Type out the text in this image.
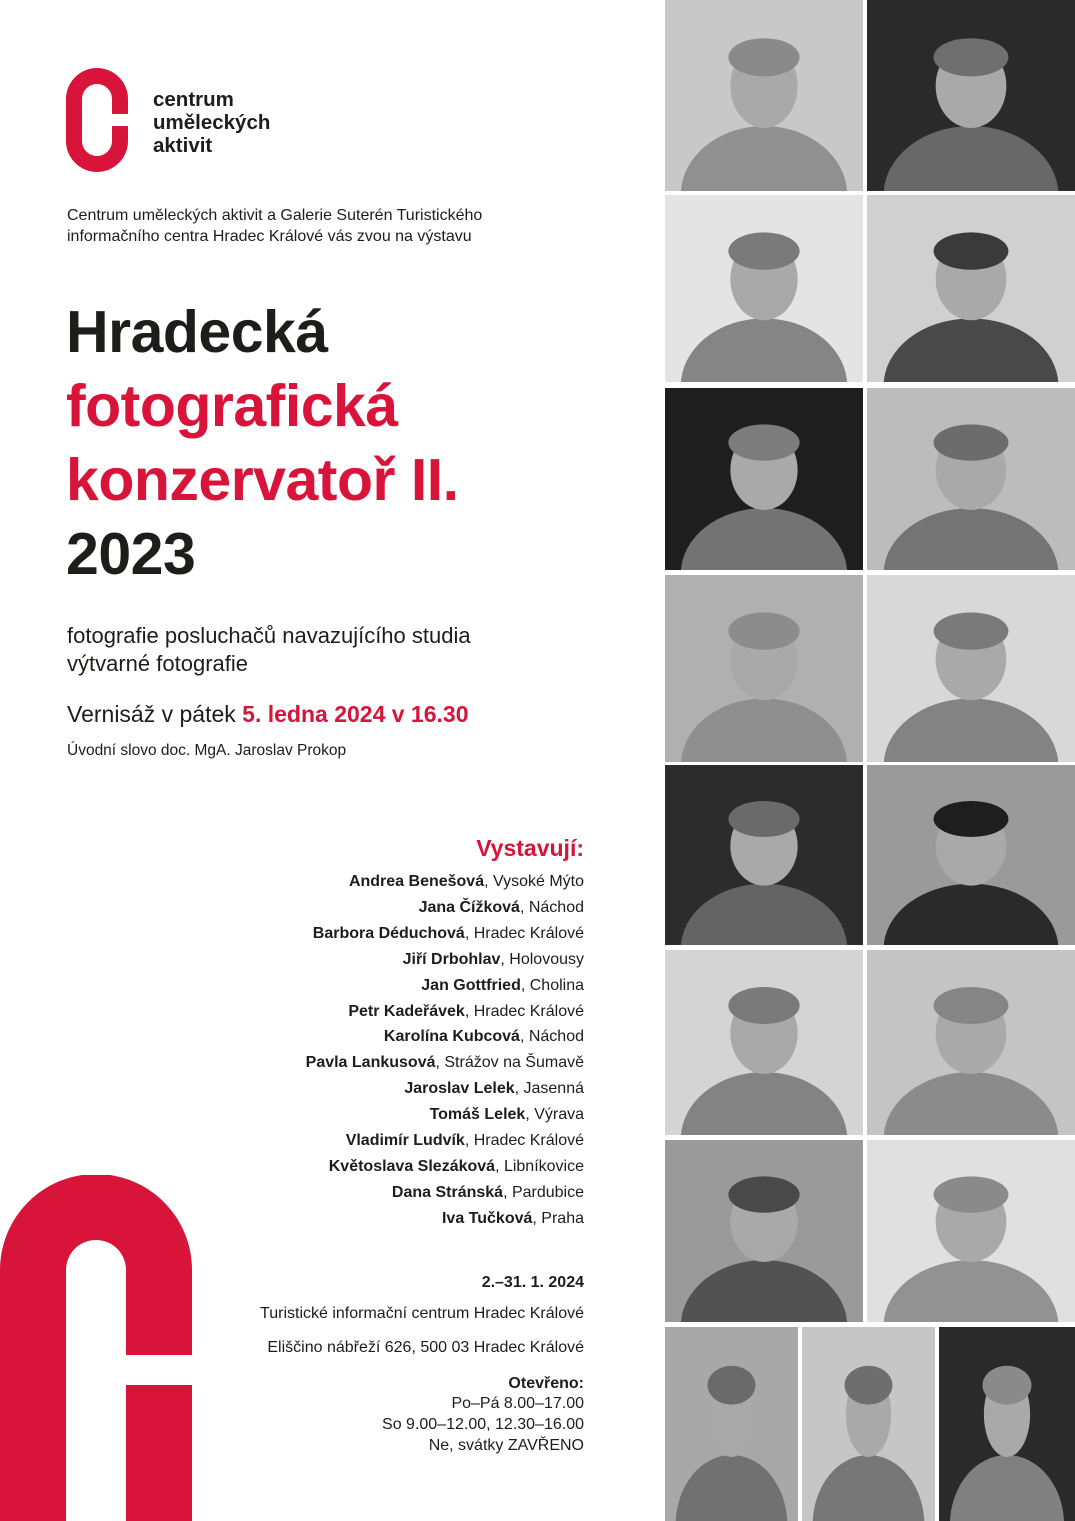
centrum
uměleckých
aktivit
Centrum uměleckých aktivit a Galerie Suterén Turistického
informačního centra Hradec Králové vás zvou na výstavu
Hradecká
fotografická
konzervatoř II.
2023
fotografie posluchačů navazujícího studia
výtvarné fotografie
Vernisáž v pátek 5. ledna 2024 v 16.30
Úvodní slovo doc. MgA. Jaroslav Prokop
Vystavují:
Andrea Benešová, Vysoké Mýto
Jana Čížková, Náchod
Barbora Déduchová, Hradec Králové
Jiří Drbohlav, Holovousy
Jan Gottfried, Cholina
Petr Kadeřávek, Hradec Králové
Karolína Kubcová, Náchod
Pavla Lankusová, Strážov na Šumavě
Jaroslav Lelek, Jasenná
Tomáš Lelek, Výrava
Vladimír Ludvík, Hradec Králové
Květoslava Slezáková, Libníkovice
Dana Stránská, Pardubice
Iva Tučková, Praha
2.–31. 1. 2024
Turistické informační centrum Hradec Králové
Eliščino nábřeží 626, 500 03 Hradec Králové
Otevřeno:
Po–Pá 8.00–17.00
So 9.00–12.00, 12.30–16.00
Ne, svátky ZAVŘENO
